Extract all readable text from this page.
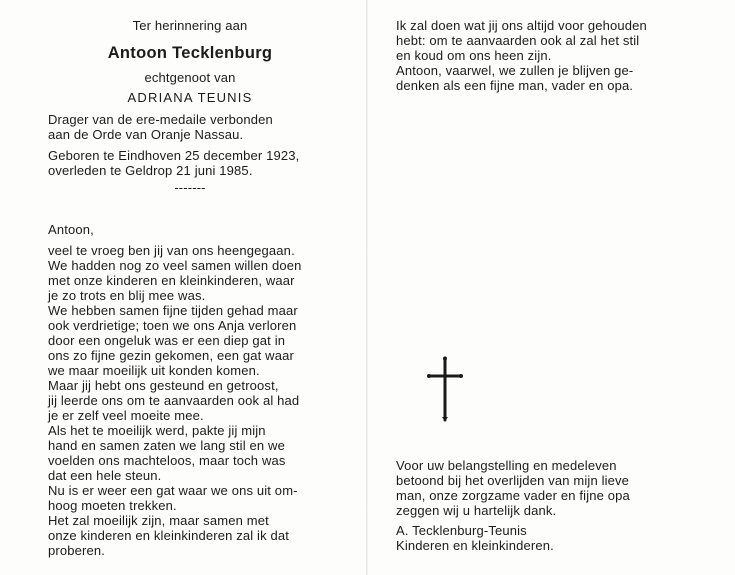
Ter herinnering aan
Antoon Tecklenburg
echtgenoot van
ADRIANA TEUNIS
Drager van de ere-medaile verbonden
aan de Orde van Oranje Nassau.
Geboren te Eindhoven 25 december 1923,
overleden te Geldrop 21 juni 1985.
-------
Antoon,
veel te vroeg ben jij van ons heengegaan.
We hadden nog zo veel samen willen doen
met onze kinderen en kleinkinderen, waar
je zo trots en blij mee was.
We hebben samen fijne tijden gehad maar
ook verdrietige; toen we ons Anja verloren
door een ongeluk was er een diep gat in
ons zo fijne gezin gekomen, een gat waar
we maar moeilijk uit konden komen.
Maar jij hebt ons gesteund en getroost,
jij leerde ons om te aanvaarden ook al had
je er zelf veel moeite mee.
Als het te moeilijk werd, pakte jij mijn
hand en samen zaten we lang stil en we
voelden ons machteloos, maar toch was
dat een hele steun.
Nu is er weer een gat waar we ons uit om-
hoog moeten trekken.
Het zal moeilijk zijn, maar samen met
onze kinderen en kleinkinderen zal ik dat
proberen.
Ik zal doen wat jij ons altijd voor gehouden
hebt: om te aanvaarden ook al zal het stil
en koud om ons heen zijn.
Antoon, vaarwel, we zullen je blijven ge-
denken als een fijne man, vader en opa.
Voor uw belangstelling en medeleven
betoond bij het overlijden van mijn lieve
man, onze zorgzame vader en fijne opa
zeggen wij u hartelijk dank.
A. Tecklenburg-Teunis
Kinderen en kleinkinderen.
